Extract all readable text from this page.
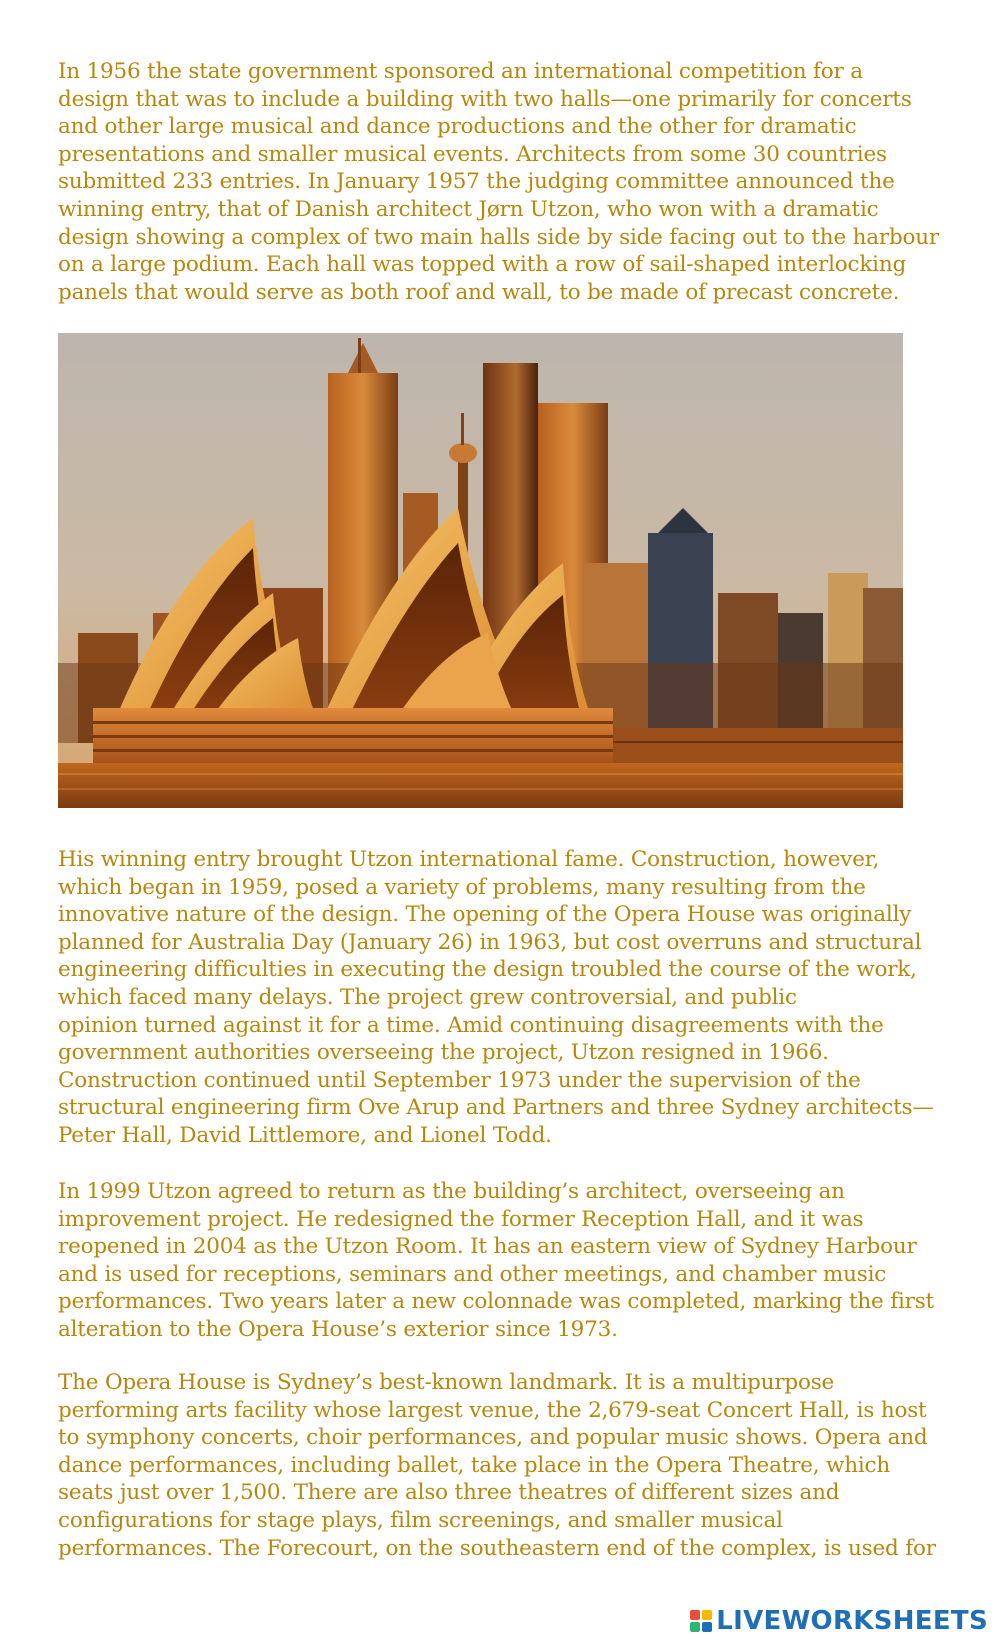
In 1956 the state government sponsored an international competition for a
design that was to include a building with two halls—one primarily for concerts
and other large musical and dance productions and the other for dramatic
presentations and smaller musical events. Architects from some 30 countries
submitted 233 entries. In January 1957 the judging committee announced the
winning entry, that of Danish architect Jørn Utzon, who won with a dramatic
design showing a complex of two main halls side by side facing out to the harbour
on a large podium. Each hall was topped with a row of sail-shaped interlocking
panels that would serve as both roof and wall, to be made of precast concrete.

His winning entry brought Utzon international fame. Construction, however,
which began in 1959, posed a variety of problems, many resulting from the
innovative nature of the design. The opening of the Opera House was originally
planned for Australia Day (January 26) in 1963, but cost overruns and structural
engineering difficulties in executing the design troubled the course of the work,
which faced many delays. The project grew controversial, and public
opinion turned against it for a time. Amid continuing disagreements with the
government authorities overseeing the project, Utzon resigned in 1966.
Construction continued until September 1973 under the supervision of the
structural engineering firm Ove Arup and Partners and three Sydney architects—
Peter Hall, David Littlemore, and Lionel Todd.

In 1999 Utzon agreed to return as the building’s architect, overseeing an
improvement project. He redesigned the former Reception Hall, and it was
reopened in 2004 as the Utzon Room. It has an eastern view of Sydney Harbour
and is used for receptions, seminars and other meetings, and chamber music
performances. Two years later a new colonnade was completed, marking the first
alteration to the Opera House’s exterior since 1973.

The Opera House is Sydney’s best-known landmark. It is a multipurpose
performing arts facility whose largest venue, the 2,679-seat Concert Hall, is host
to symphony concerts, choir performances, and popular music shows. Opera and
dance performances, including ballet, take place in the Opera Theatre, which
seats just over 1,500. There are also three theatres of different sizes and
configurations for stage plays, film screenings, and smaller musical
performances. The Forecourt, on the southeastern end of the complex, is used for

LIVEWORKSHEETS
